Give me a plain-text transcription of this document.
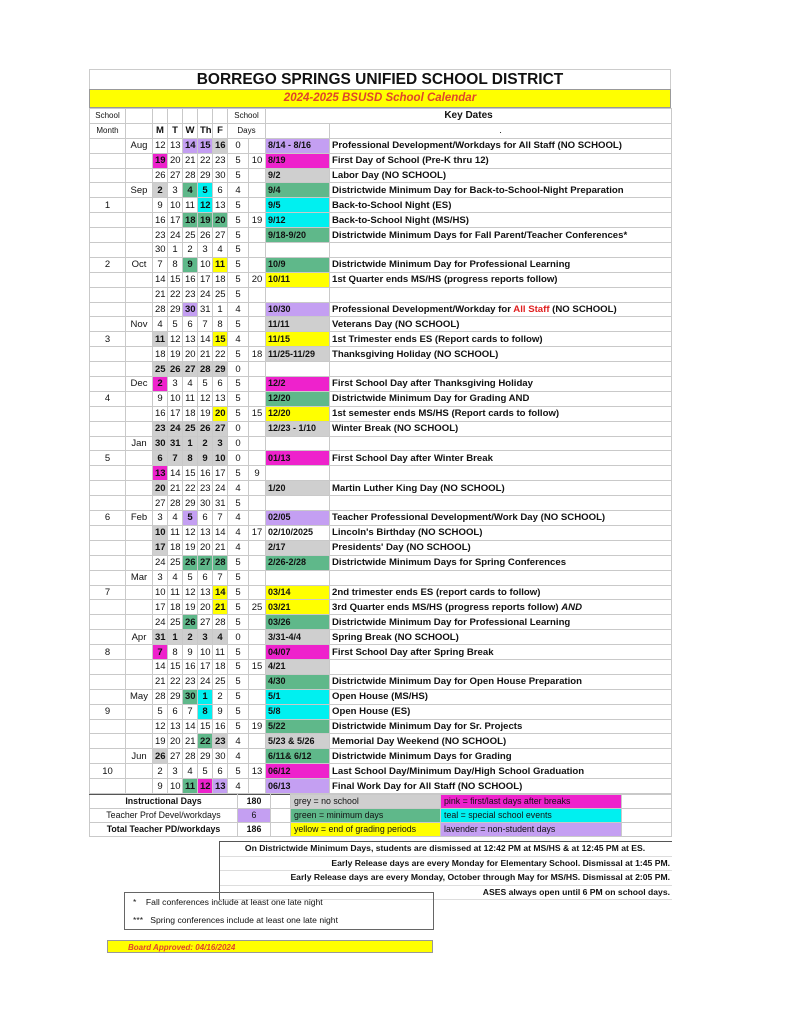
BORREGO SPRINGS UNIFIED SCHOOL DISTRICT
2024-2025 BSUSD School Calendar
School							School		Key Dates	
Month		M	T	W	Th	F	Days			.
	Aug	12	13	14	15	16	0		8/14 - 8/16	Professional Development/Workdays for All Staff (NO SCHOOL)
		19	20	21	22	23	5	10	8/19	First Day of School (Pre-K thru 12)
		26	27	28	29	30	5		9/2	Labor Day (NO SCHOOL)
	Sep	2	3	4	5	6	4		9/4	Districtwide Minimum Day for Back-to-School-Night Preparation
1		9	10	11	12	13	5		9/5	Back-to-School Night (ES)
		16	17	18	19	20	5	19	9/12	Back-to-School Night (MS/HS)
		23	24	25	26	27	5		9/18-9/20	Districtwide Minimum Days for Fall Parent/Teacher Conferences*
		30	1	2	3	4	5			
2	Oct	7	8	9	10	11	5		10/9	Districtwide Minimum Day for Professional Learning
		14	15	16	17	18	5	20	10/11	1st Quarter ends MS/HS (progress reports follow)
		21	22	23	24	25	5			
		28	29	30	31	1	4		10/30	Professional Development/Workday for All Staff (NO SCHOOL)
	Nov	4	5	6	7	8	5		11/11	Veterans Day (NO SCHOOL)
3		11	12	13	14	15	4		11/15	1st Trimester ends ES (Report cards to follow)
		18	19	20	21	22	5	18	11/25-11/29	Thanksgiving Holiday (NO SCHOOL)
		25	26	27	28	29	0			
	Dec	2	3	4	5	6	5		12/2	First School Day after Thanksgiving Holiday
4		9	10	11	12	13	5		12/20	Districtwide Minimum Day for Grading AND
		16	17	18	19	20	5	15	12/20	1st semester ends MS/HS (Report cards to follow)
		23	24	25	26	27	0		12/23 - 1/10	Winter Break (NO SCHOOL)
	Jan	30	31	1	2	3	0			
5		6	7	8	9	10	0		01/13	First School Day after Winter Break
		13	14	15	16	17	5	9		
		20	21	22	23	24	4		1/20	Martin Luther King Day (NO SCHOOL)
		27	28	29	30	31	5			
6	Feb	3	4	5	6	7	4		02/05	Teacher Professional Development/Work Day (NO SCHOOL)
		10	11	12	13	14	4	17	02/10/2025	Lincoln's Birthday (NO SCHOOL)
		17	18	19	20	21	4		2/17	Presidents' Day (NO SCHOOL)
		24	25	26	27	28	5		2/26-2/28	Districtwide Minimum Days for Spring Conferences
	Mar	3	4	5	6	7	5			
7		10	11	12	13	14	5		03/14	2nd trimester ends ES (report cards to follow)
		17	18	19	20	21	5	25	03/21	3rd Quarter ends MS/HS (progress reports follow) AND
		24	25	26	27	28	5		03/26	Districtwide Minimum Day for Professional Learning
	Apr	31	1	2	3	4	0		3/31-4/4	Spring Break (NO SCHOOL)
8		7	8	9	10	11	5		04/07	First School Day after Spring Break
		14	15	16	17	18	5	15	4/21	
		21	22	23	24	25	5		4/30	Districtwide Minimum Day for Open House Preparation
	May	28	29	30	1	2	5		5/1	Open House (MS/HS)
9		5	6	7	8	9	5		5/8	Open House (ES)
		12	13	14	15	16	5	19	5/22	Districtwide Minimum Day for Sr. Projects
		19	20	21	22	23	4		5/23 & 5/26	Memorial Day Weekend (NO SCHOOL)
	Jun	26	27	28	29	30	4		6/11& 6/12	Districtwide Minimum Days for Grading
10		2	3	4	5	6	5	13	06/12	Last School Day/Minimum Day/High School Graduation
		9	10	11	12	13	4		06/13	Final Work Day for All Staff (NO SCHOOL)
Instructional Days	180		grey = no school	pink = first/last days after breaks	
Teacher Prof Devel/workdays	6		green = minimum days	teal = special school events	
Total Teacher PD/workdays	186		yellow = end of grading periods	lavender = non-student days	
On Districtwide Minimum Days, students are dismissed at 12:42 PM at MS/HS & at 12:45 PM at ES.
Early Release days are every Monday for Elementary School. Dismissal at 1:45 PM.
Early Release days are every Monday, October through May for MS/HS. Dismissal at 2:05 PM.
ASES always open until 6 PM on school days.
* Fall conferences include at least one late night
*** Spring conferences include at least one late night
Board Approved: 04/16/2024
